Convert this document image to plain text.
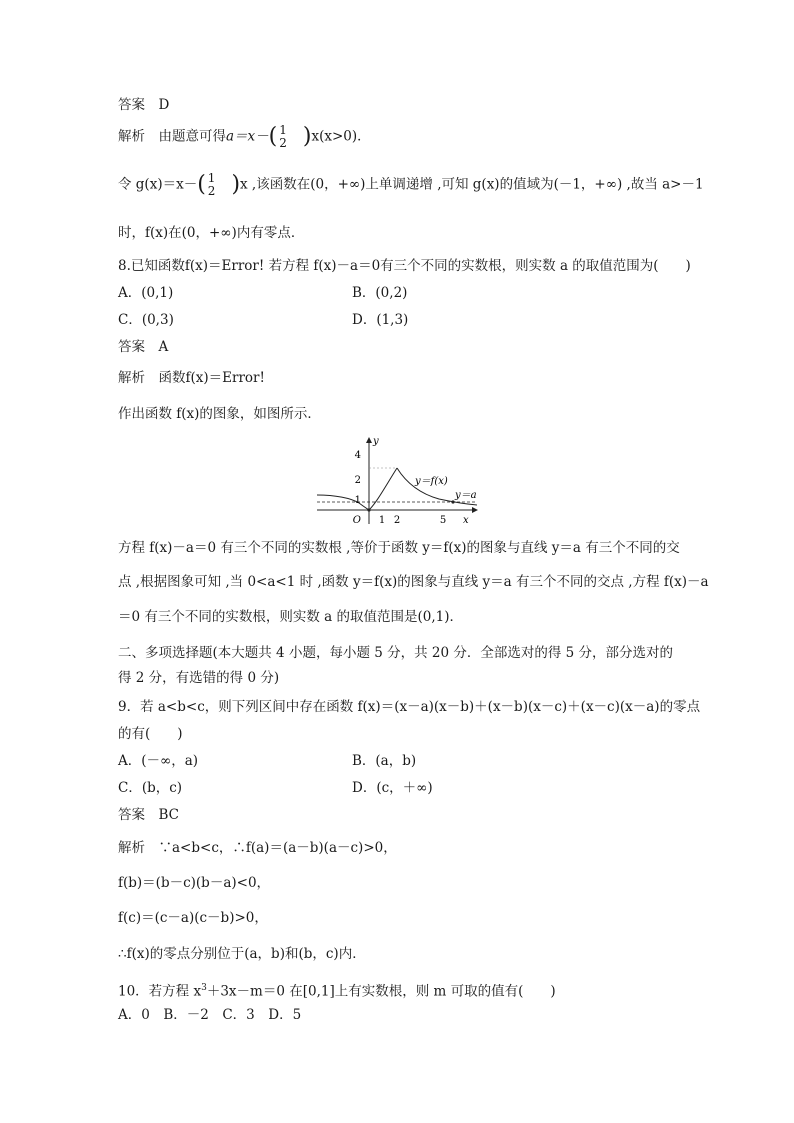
答案　D
解析　由题意可得a＝x－( 1
2 )x(x>0)．
令 g(x)＝x－( 1
2 )x ,该函数在(0，+∞)上单调递增 ,可知 g(x)的值域为(－1，+∞) ,故当 a>－1
时，f(x)在(0，+∞)内有零点．
8.已知函数f(x)＝Error! 若方程 f(x)－a＝0有三个不同的实数根，则实数 a 的取值范围为(　　)
A．(0,1)	B．(0,2)
C．(0,3)	D．(1,3)
答案　A
解析　函数f(x)＝Error!
作出函数 f(x)的图象，如图所示．
4
2
1
O 1 2	5 x
y
y＝f(x)
y＝a
方程 f(x)－a＝0 有三个不同的实数根 ,等价于函数 y＝f(x)的图象与直线 y＝a 有三个不同的交
点 ,根据图象可知 ,当 0<a<1 时 ,函数 y＝f(x)的图象与直线 y＝a 有三个不同的交点 ,方程 f(x)－a
＝0 有三个不同的实数根，则实数 a 的取值范围是(0,1)．
二、多项选择题(本大题共 4 小题，每小题 5 分，共 20 分．全部选对的得 5 分，部分选对的
得 2 分，有选错的得 0 分)
9．若 a<b<c，则下列区间中存在函数 f(x)＝(x－a)(x－b)＋(x－b)(x－c)＋(x－c)(x－a)的零点
的有(　　)
A．(－∞，a)	B．(a，b)
C．(b，c)	D．(c，＋∞)
答案　BC
解析　∵a<b<c，∴f(a)＝(a－b)(a－c)>0，
f(b)＝(b－c)(b－a)<0，
f(c)＝(c－a)(c－b)>0，
∴f(x)的零点分别位于(a，b)和(b，c)内．
10．若方程 $x^3+3x-m=0$ 在[0,1]上有实数根，则 m 可取的值有(　　)
A．0　B．－2　C．3　D．5
